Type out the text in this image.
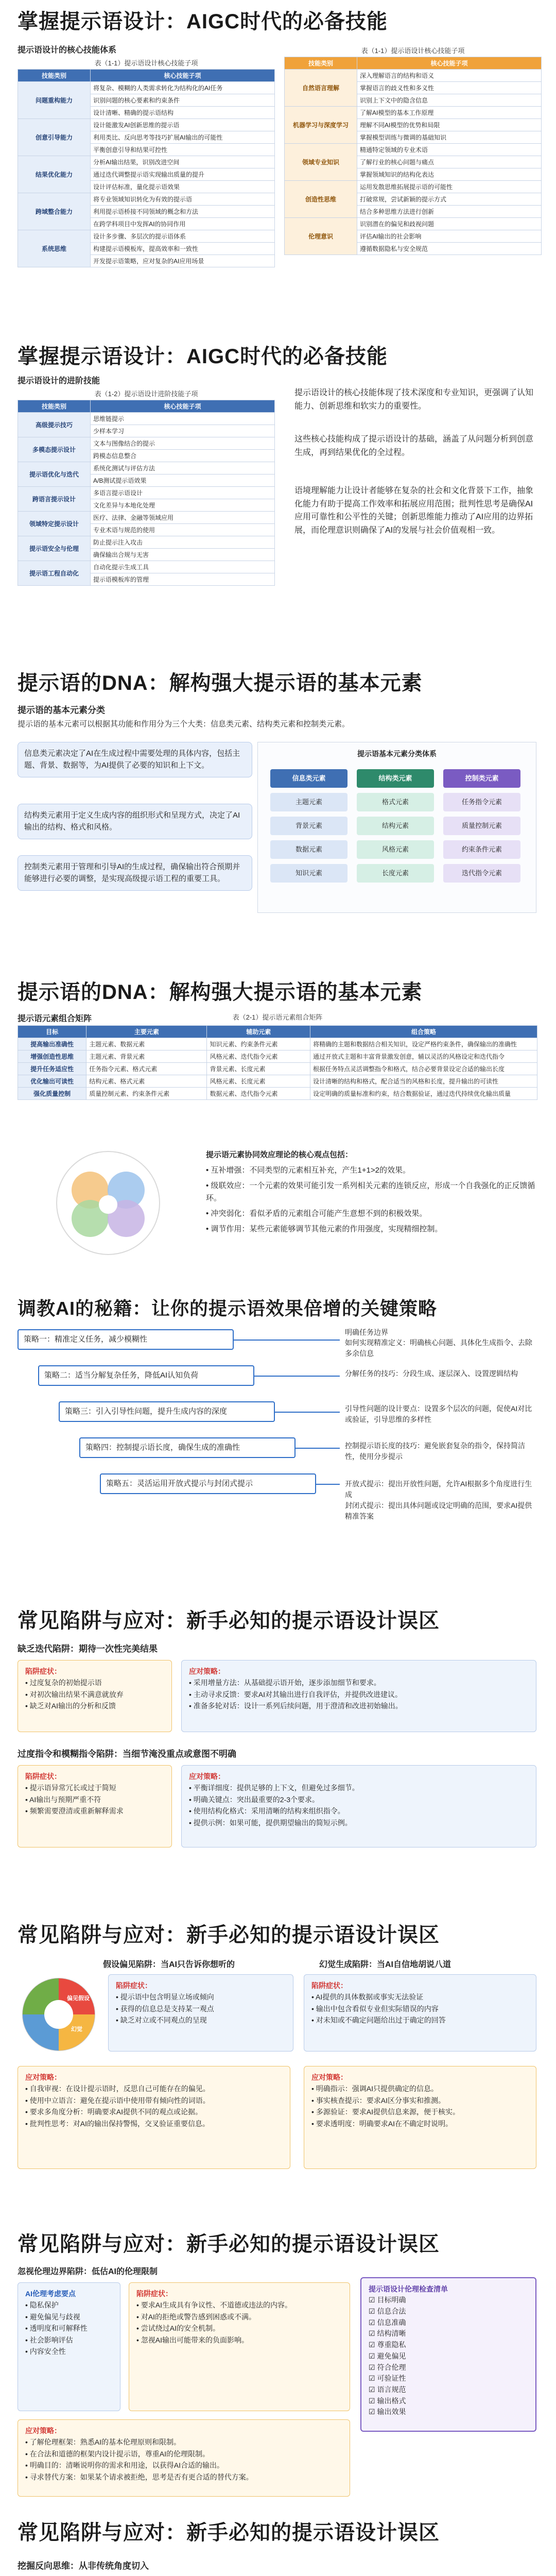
掌握提示语设计：AIGC时代的必备技能
提示语设计的核心技能体系
表（1-1）提示语设计核心技能子项
技能类别	核心技能子项
问题重构能力	将复杂、模糊的人类需求转化为结构化的AI任务
	识别问题的核心要素和约束条件
	设计清晰、精确的提示语结构
创意引导能力	设计能激发AI创新思维的提示语
	利用类比、反向思考等技巧扩展AI输出的可能性
	平衡创意引导和结果可控性
结果优化能力	分析AI输出结果，识别改进空间
	通过迭代调整提示语实现输出质量的提升
	设计评估标准，量化提示语效果
跨域整合能力	将专业领域知识转化为有效的提示语
	利用提示语桥接不同领域的概念和方法
	在跨学科项目中发挥AI的协同作用
系统思维	设计多步骤、多层次的提示语体系
	构建提示语模板库，提高效率和一致性
	开发提示语策略，应对复杂的AI应用场景
表（1-1）提示语设计核心技能子项
技能类别	核心技能子项
自然语言理解	深入理解语言的结构和语义
	掌握语言的歧义性和多义性
	识别上下文中的隐含信息
机器学习与深度学习	了解AI模型的基本工作原理
	理解不同AI模型的优势和局限
	掌握模型训练与微调的基础知识
领域专业知识	精通特定领域的专业术语
	了解行业的核心问题与痛点
	掌握领域知识的结构化表达
创造性思维	运用发散思维拓展提示语的可能性
	打破常规，尝试新颖的提示方式
	结合多种思维方法进行创新
伦理意识	识别潜在的偏见和歧视问题
	评估AI输出的社会影响
	遵循数据隐私与安全规范
掌握提示语设计：AIGC时代的必备技能
提示语设计的进阶技能
表（1-2）提示语设计进阶技能子项
技能类别	核心技能子项
高级提示技巧	思维链提示
	少样本学习
多模态提示设计	文本与图像结合的提示
	跨模态信息整合
提示语优化与迭代	系统化测试与评估方法
	A/B测试提示语效果
跨语言提示设计	多语言提示语设计
	文化差异与本地化处理
领域特定提示设计	医疗、法律、金融等领域应用
	专业术语与规范的使用
提示语安全与伦理	防止提示注入攻击
	确保输出合规与无害
提示语工程自动化	自动化提示生成工具
	提示语模板库的管理
提示语设计的核心技能体现了技术深度和专业知识，更强调了认知能力、创新思维和软实力的重要性。
这些核心技能构成了提示语设计的基础，涵盖了从问题分析到创意生成，再到结果优化的全过程。
语境理解能力让设计者能够在复杂的社会和文化背景下工作，抽象化能力有助于提高工作效率和拓展应用范围；批判性思考是确保AI应用可靠性和公平性的关键；创新思维能力推动了AI应用的边界拓展，而伦理意识则确保了AI的发展与社会价值观相一致。
提示语的DNA：解构强大提示语的基本元素
提示语的基本元素分类
提示语的基本元素可以根据其功能和作用分为三个大类：信息类元素、结构类元素和控制类元素。
信息类元素决定了AI在生成过程中需要处理的具体内容，包括主题、背景、数据等，为AI提供了必要的知识和上下文。
结构类元素用于定义生成内容的组织形式和呈现方式，决定了AI输出的结构、格式和风格。
控制类元素用于管理和引导AI的生成过程，确保输出符合预期并能够进行必要的调整，是实现高级提示语工程的重要工具。
提示语基本元素分类体系
信息类元素
主题元素
背景元素
数据元素
知识元素
结构类元素
格式元素
结构元素
风格元素
长度元素
控制类元素
任务指令元素
质量控制元素
约束条件元素
迭代指令元素
提示语的DNA：解构强大提示语的基本元素
提示语元素组合矩阵	表（2-1）提示语元素组合矩阵
目标	主要元素	辅助元素	组合策略
提高输出准确性	主题元素、数据元素	知识元素、约束条件元素	将精确的主题和数据结合相关知识，设定严格约束条件，确保输出的准确性
增强创造性思维	主题元素、背景元素	风格元素、迭代指令元素	通过开放式主题和丰富背景激发创意，辅以灵活的风格设定和迭代指令
提升任务适应性	任务指令元素、格式元素	背景元素、长度元素	根据任务特点灵活调整指令和格式，结合必要背景设定合适的输出长度
优化输出可读性	结构元素、格式元素	风格元素、长度元素	设计清晰的结构和格式，配合适当的风格和长度，提升输出的可读性
强化质量控制	质量控制元素、约束条件元素	数据元素、迭代指令元素	设定明确的质量标准和约束，结合数据验证，通过迭代持续优化输出质量
提示语元素协同效应理论的核心观点包括：
• 互补增强：不同类型的元素相互补充，产生1+1>2的效果。
• 级联效应：一个元素的效果可能引发一系列相关元素的连锁反应，形成一个自我强化的正反馈循环。
• 冲突弱化：看似矛盾的元素组合可能产生意想不到的积极效果。
• 调节作用：某些元素能够调节其他元素的作用强度，实现精细控制。
调教AI的秘籍：让你的提示语效果倍增的关键策略
策略一：精准定义任务，减少模糊性
策略二：适当分解复杂任务，降低AI认知负荷
策略三：引入引导性问题，提升生成内容的深度
策略四：控制提示语长度，确保生成的准确性
策略五：灵活运用开放式提示与封闭式提示
明确任务边界
如何实现精准定义：明确核心问题、具体化生成指令、去除多余信息
分解任务的技巧：分段生成、逐层深入、设置逻辑结构
引导性问题的设计要点：设置多个层次的问题，促使AI对比或验证，引导思维的多样性
控制提示语长度的技巧：避免嵌套复杂的指令，保持简洁性，使用分步提示
开放式提示：提出开放性问题，允许AI根据多个角度进行生成
封闭式提示：提出具体问题或设定明确的范围，要求AI提供精准答案
常见陷阱与应对：新手必知的提示语设计误区
缺乏迭代陷阱：期待一次性完美结果
陷阱症状：
• 过度复杂的初始提示语
• 对初次输出结果不满意就放弃
• 缺乏对AI输出的分析和反馈
应对策略：
• 采用增量方法：从基础提示语开始，逐步添加细节和要求。
• 主动寻求反馈：要求AI对其输出进行自我评估，并提供改进建议。
• 准备多轮对话：设计一系列后续问题，用于澄清和改进初始输出。
过度指令和模糊指令陷阱：当细节淹没重点或意图不明确
陷阱症状：
• 提示语异常冗长或过于简短
• AI输出与预期严重不符
• 频繁需要澄清或重新解释需求
应对策略：
• 平衡详细度：提供足够的上下文，但避免过多细节。
• 明确关键点：突出最重要的2-3个要求。
• 使用结构化格式：采用清晰的结构来组织指令。
• 提供示例：如果可能，提供期望输出的简短示例。
常见陷阱与应对：新手必知的提示语设计误区
假设偏见陷阱：当AI只告诉你想听的	幻觉生成陷阱：当AI自信地胡说八道
偏见假设
幻觉
陷阱症状：
• 提示语中包含明显立场或倾向
• 获得的信息总是支持某一观点
• 缺乏对立或不同观点的呈现
陷阱症状：
• AI提供的具体数据或事实无法验证
• 输出中包含看似专业但实际错误的内容
• 对未知或不确定问题给出过于确定的回答
应对策略：
• 自我审视：在设计提示语时，反思自己可能存在的偏见。
• 使用中立语言：避免在提示语中使用带有倾向性的词语。
• 要求多角度分析：明确要求AI提供不同的观点或论据。
• 批判性思考：对AI的输出保持警惕，交叉验证重要信息。
应对策略：
• 明确指示：强调AI只提供确定的信息。
• 事实核查提示：要求AI区分事实和推测。
• 多源验证：要求AI提供信息来源，便于核实。
• 要求透明度：明确要求AI在不确定时说明。
常见陷阱与应对：新手必知的提示语设计误区
忽视伦理边界陷阱：低估AI的伦理限制
AI伦理考虑要点
• 隐私保护
• 避免偏见与歧视
• 透明度和可解释性
• 社会影响评估
• 内容安全性
陷阱症状：
• 要求AI生成具有争议性、不道德或违法的内容。
• 对AI的拒绝或警告感到困惑或不满。
• 尝试绕过AI的安全机制。
• 忽视AI输出可能带来的负面影响。
提示语设计伦理检查清单
☑ 目标明确
☑ 信息合法
☑ 信息准确
☑ 结构清晰
☑ 尊重隐私
☑ 避免偏见
☑ 符合伦理
☑ 可验证性
☑ 语言规范
☑ 输出格式
☑ 输出效果
应对策略：
• 了解伦理框架：熟悉AI的基本伦理原则和限制。
• 在合法和道德的框架内设计提示语，尊重AI的伦理限制。
• 明确目的：清晰说明你的需求和用途，以获得AI合适的输出。
• 寻求替代方案：如果某个请求被拒绝，思考是否有更合适的替代方案。
常见陷阱与应对：新手必知的提示语设计误区
挖掘反向思维：从非传统角度切入
